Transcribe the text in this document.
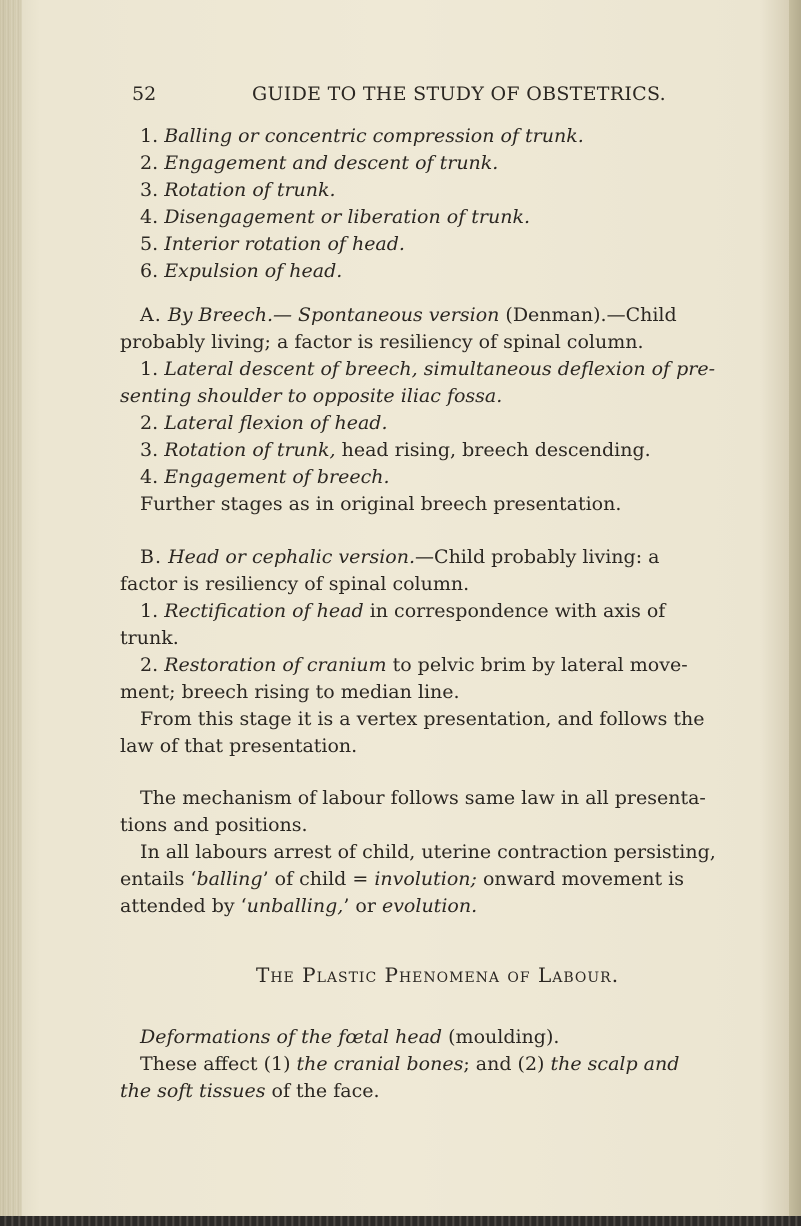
52	GUIDE TO THE STUDY OF OBSTETRICS.
1. Balling or concentric compression of trunk.
2. Engagement and descent of trunk.
3. Rotation of trunk.
4. Disengagement or liberation of trunk.
5. Interior rotation of head.
6. Expulsion of head.
A. By Breech.— Spontaneous version (Denman).—Child
probably living; a factor is resiliency of spinal column.
1. Lateral descent of breech, simultaneous deflexion of pre-
senting shoulder to opposite iliac fossa.
2. Lateral flexion of head.
3. Rotation of trunk, head rising, breech descending.
4. Engagement of breech.
Further stages as in original breech presentation.
B. Head or cephalic version.—Child probably living: a
factor is resiliency of spinal column.
1. Rectification of head in correspondence with axis of
trunk.
2. Restoration of cranium to pelvic brim by lateral move-
ment; breech rising to median line.
From this stage it is a vertex presentation, and follows the
law of that presentation.
The mechanism of labour follows same law in all presenta-
tions and positions.
In all labours arrest of child, uterine contraction persisting,
entails ‘balling’ of child = involution; onward movement is
attended by ‘unballing,’ or evolution.
The Plastic Phenomena of Labour.
Deformations of the fœtal head (moulding).
These affect (1) the cranial bones; and (2) the scalp and
the soft tissues of the face.
